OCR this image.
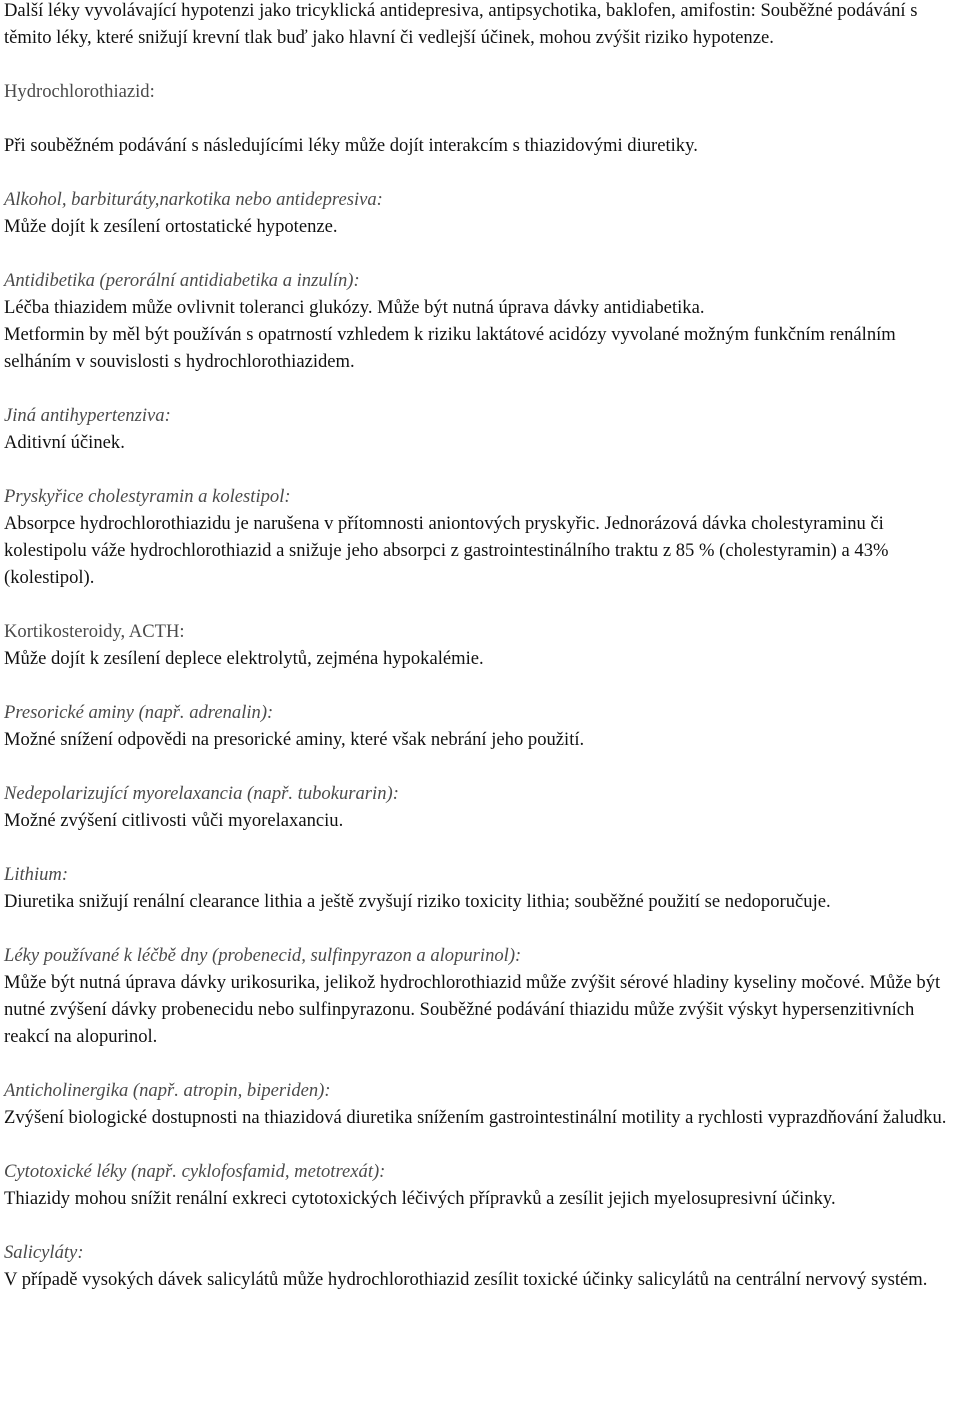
Další léky vyvolávající hypotenzi jako tricyklická antidepresiva, antipsychotika, baklofen, amifostin: Souběžné podávání s těmito léky, které snižují krevní tlak buď jako hlavní či vedlejší účinek, mohou zvýšit riziko hypotenze.
Hydrochlorothiazid:
Při souběžném podávání s následujícími léky může dojít interakcím s thiazidovými diuretiky.
Alkohol, barbituráty,narkotika nebo antidepresiva:
Může dojít k zesílení ortostatické hypotenze.
Antidibetika (perorální antidiabetika a inzulín):
Léčba thiazidem může ovlivnit toleranci glukózy. Může být nutná úprava dávky antidiabetika.
Metformin by měl být používán s opatrností vzhledem k riziku laktátové acidózy vyvolané možným funkčním renálním selháním v souvislosti s hydrochlorothiazidem.
Jiná antihypertenziva:
Aditivní účinek.
Pryskyřice cholestyramin a kolestipol:
Absorpce hydrochlorothiazidu je narušena v přítomnosti aniontových pryskyřic. Jednorázová dávka cholestyraminu či kolestipolu váže hydrochlorothiazid a snižuje jeho absorpci z gastrointestinálního traktu z 85 % (cholestyramin) a 43% (kolestipol).
Kortikosteroidy, ACTH:
Může dojít k zesílení deplece elektrolytů, zejména hypokalémie.
Presorické aminy (např. adrenalin):
Možné snížení odpovědi na presorické aminy, které však nebrání jeho použití.
Nedepolarizující myorelaxancia (např. tubokurarin):
Možné zvýšení citlivosti vůči myorelaxanciu.
Lithium:
Diuretika snižují renální clearance lithia a ještě zvyšují riziko toxicity lithia; souběžné použití se nedoporučuje.
Léky používané k léčbě dny (probenecid, sulfinpyrazon a alopurinol):
Může být nutná úprava dávky urikosurika, jelikož hydrochlorothiazid může zvýšit sérové hladiny kyseliny močové. Může být nutné zvýšení dávky probenecidu nebo sulfinpyrazonu. Souběžné podávání thiazidu může zvýšit výskyt hypersenzitivních reakcí na alopurinol.
Anticholinergika (např. atropin, biperiden):
Zvýšení biologické dostupnosti na thiazidová diuretika snížením gastrointestinální motility a rychlosti vyprazdňování žaludku.
Cytotoxické léky (např. cyklofosfamid, metotrexát):
Thiazidy mohou snížit renální exkreci cytotoxických léčivých přípravků a zesílit jejich myelosupresivní účinky.
Salicyláty:
V případě vysokých dávek salicylátů může hydrochlorothiazid zesílit toxické účinky salicylátů na centrální nervový systém.
